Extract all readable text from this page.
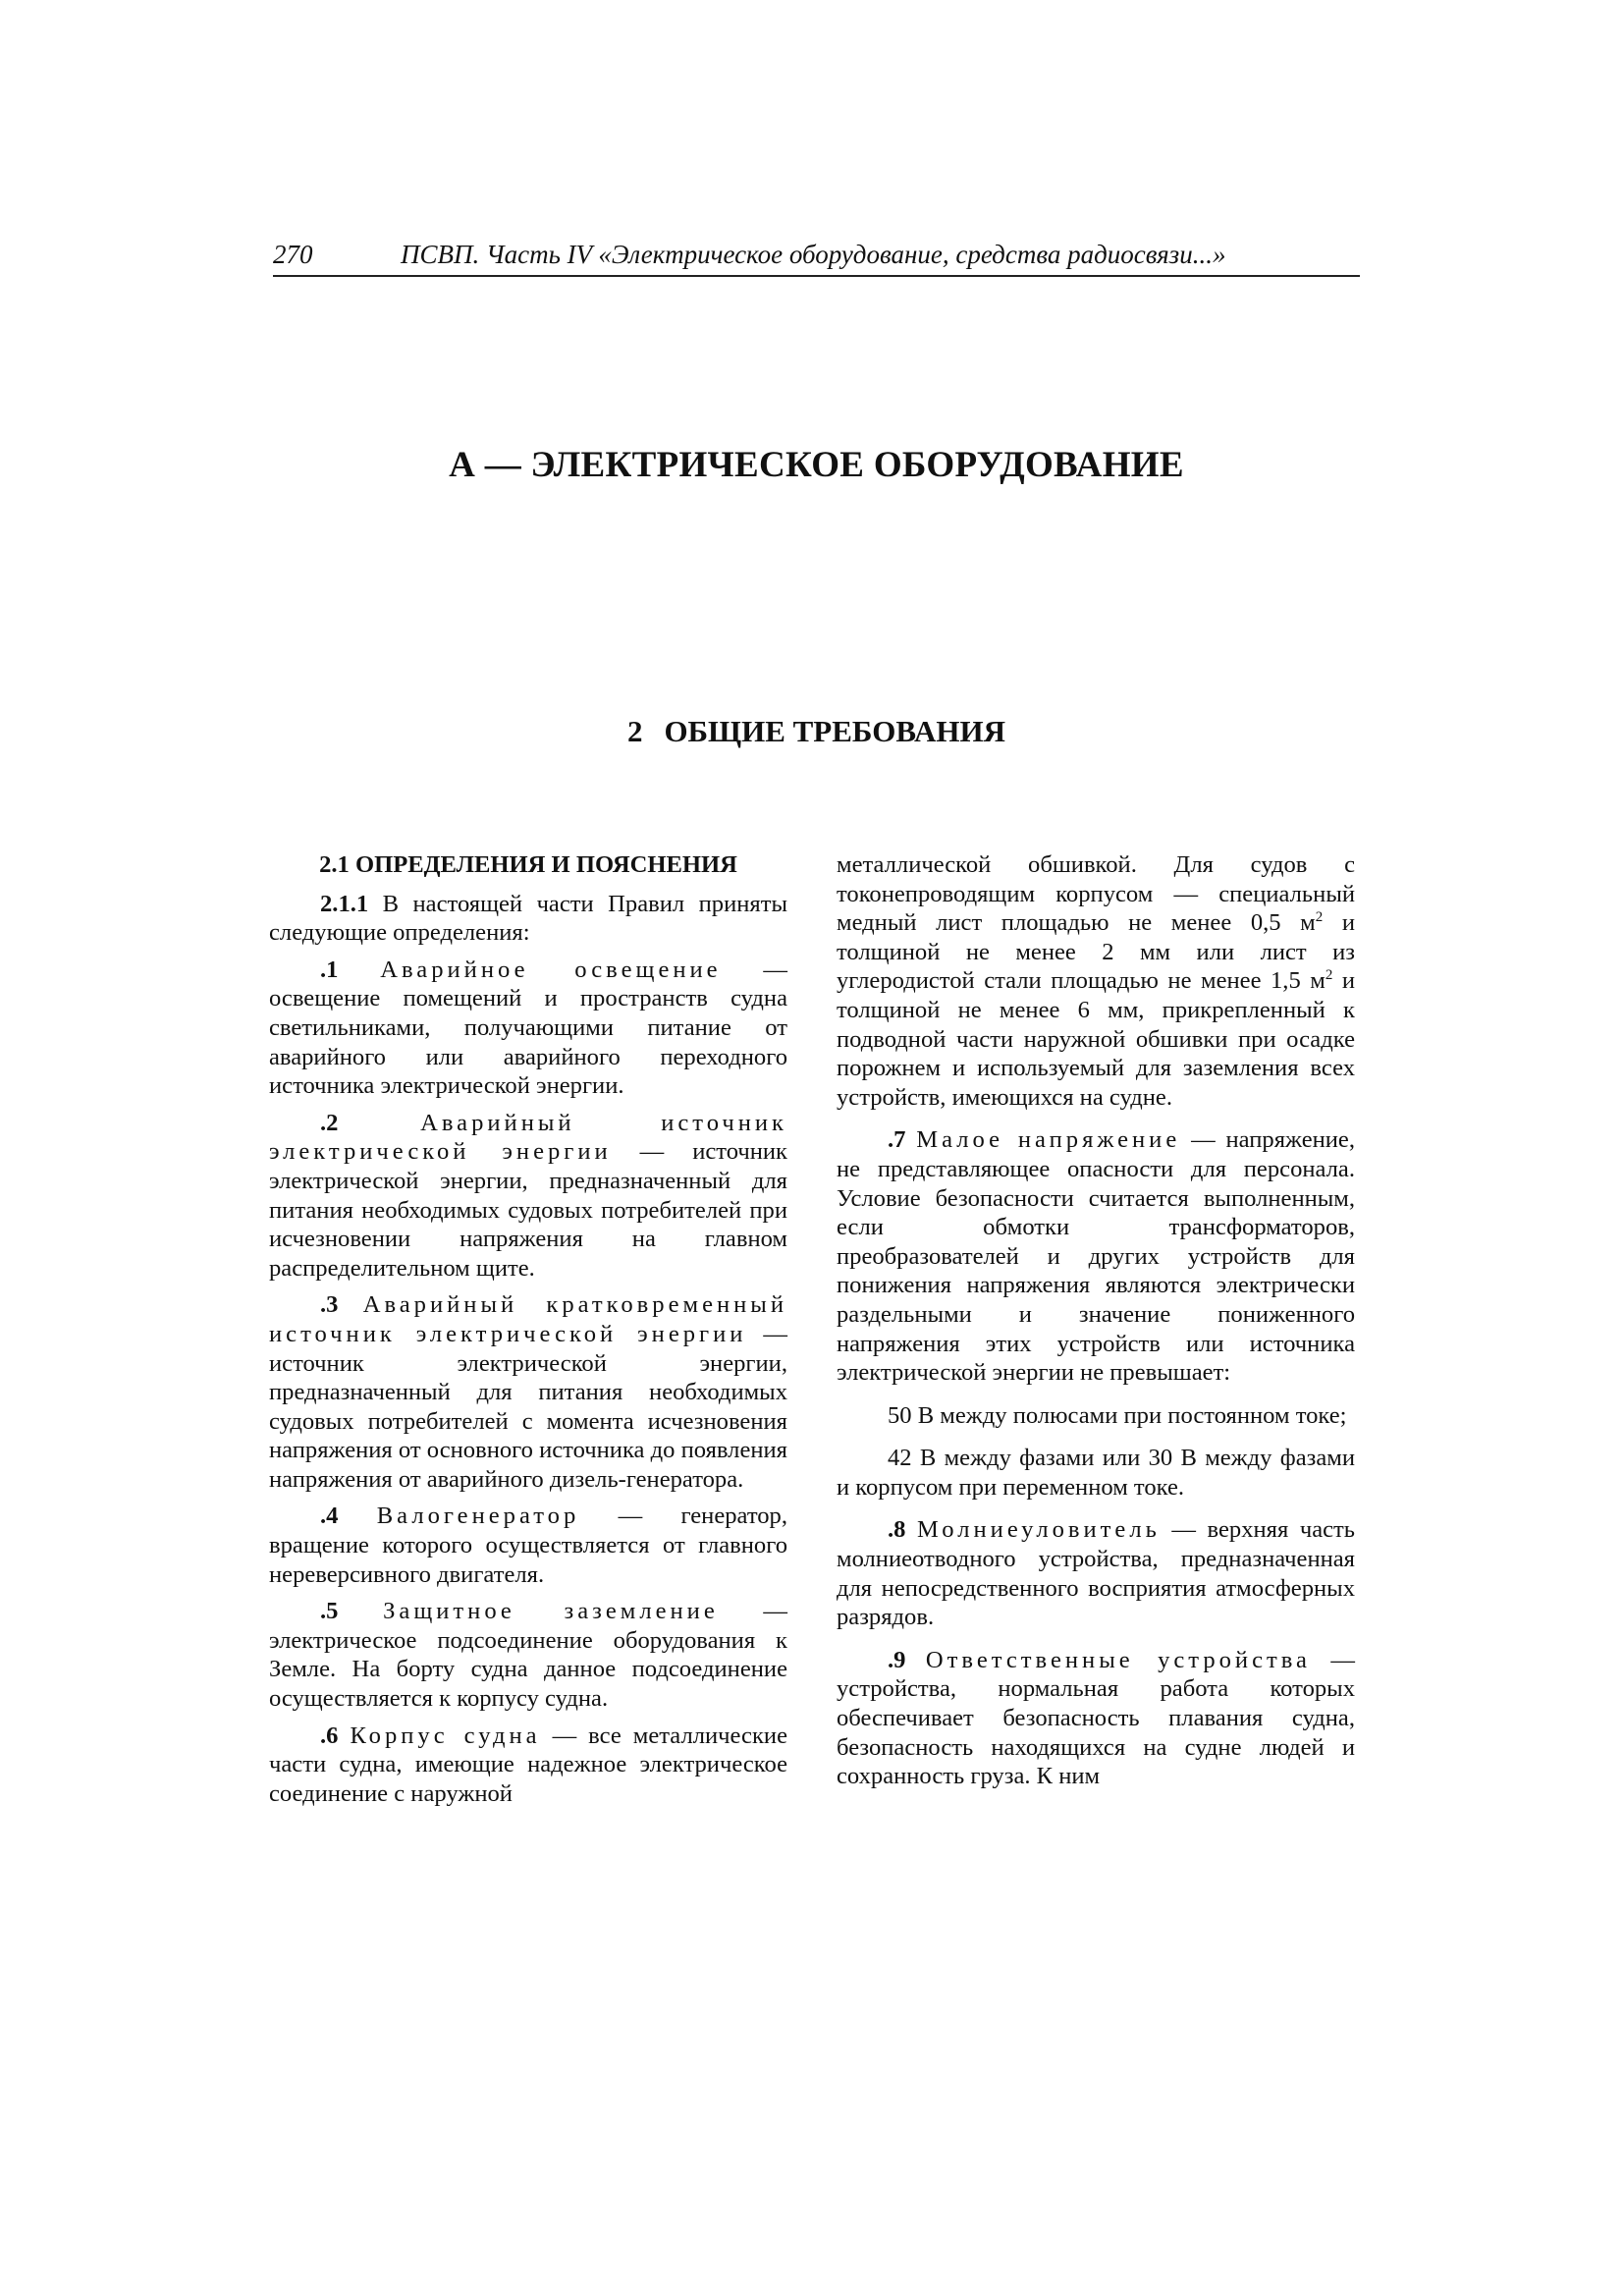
270	ПСВП. Часть IV «Электрическое оборудование, средства радиосвязи...»
А — ЭЛЕКТРИЧЕСКОЕ ОБОРУДОВАНИЕ
2 ОБЩИЕ ТРЕБОВАНИЯ
2.1 ОПРЕДЕЛЕНИЯ И ПОЯСНЕНИЯ

2.1.1 В настоящей части Правил приняты следующие определения:

.1 Аварийное освещение — освещение помещений и пространств судна светильниками, получающими питание от аварийного или аварийного переходного источника электрической энергии.

.2	Аварийный источник электрической энергии — источник электрической энергии, предназначенный для питания необходимых судовых потребителей при исчезновении напряжения на главном распределительном щите.

.3 Аварийный кратковременный источник электрической энергии — источник электрической энергии, предназначенный для питания необходимых судовых потребителей с момента исчезновения напряжения от основного источника до появления напряжения от аварийного дизель-генератора.

.4 Валогенератор — генератор, вращение которого осуществляется от главного нереверсивного двигателя.

.5 Защитное заземление — электрическое подсоединение оборудования к Земле. На борту судна данное подсоединение осуществляется к корпусу судна.

.6 Корпус судна — все металлические части судна, имеющие надежное электрическое соединение с наружной

металлической обшивкой. Для судов с токонепроводящим корпусом — специальный медный лист площадью не менее 0,5 $м^2$ и толщиной не менее 2 мм или лист из углеродистой стали площадью не менее 1,5 $м^2$ и толщиной не менее 6 мм, прикрепленный к подводной части наружной обшивки при осадке порожнем и используемый для заземления всех устройств, имеющихся на судне.

.7 Малое напряжение — напряжение, не представляющее опасности для персонала. Условие безопасности считается выполненным, если обмотки трансформаторов, преобразователей и других устройств для понижения напряжения являются электрически раздельными и значение пониженного напряжения этих устройств или источника электрической энергии не превышает:

50 В между полюсами при постоянном токе;

42 В между фазами или 30 В между фазами и корпусом при переменном токе.

.8 Молниеуловитель — верхняя часть молниеотводного устройства, предназначенная для непосредственного восприятия атмосферных разрядов.

.9 Ответственные устройства — устройства, нормальная работа которых обеспечивает безопасность плавания судна, безопасность находящихся на судне людей и сохранность груза. К ним
